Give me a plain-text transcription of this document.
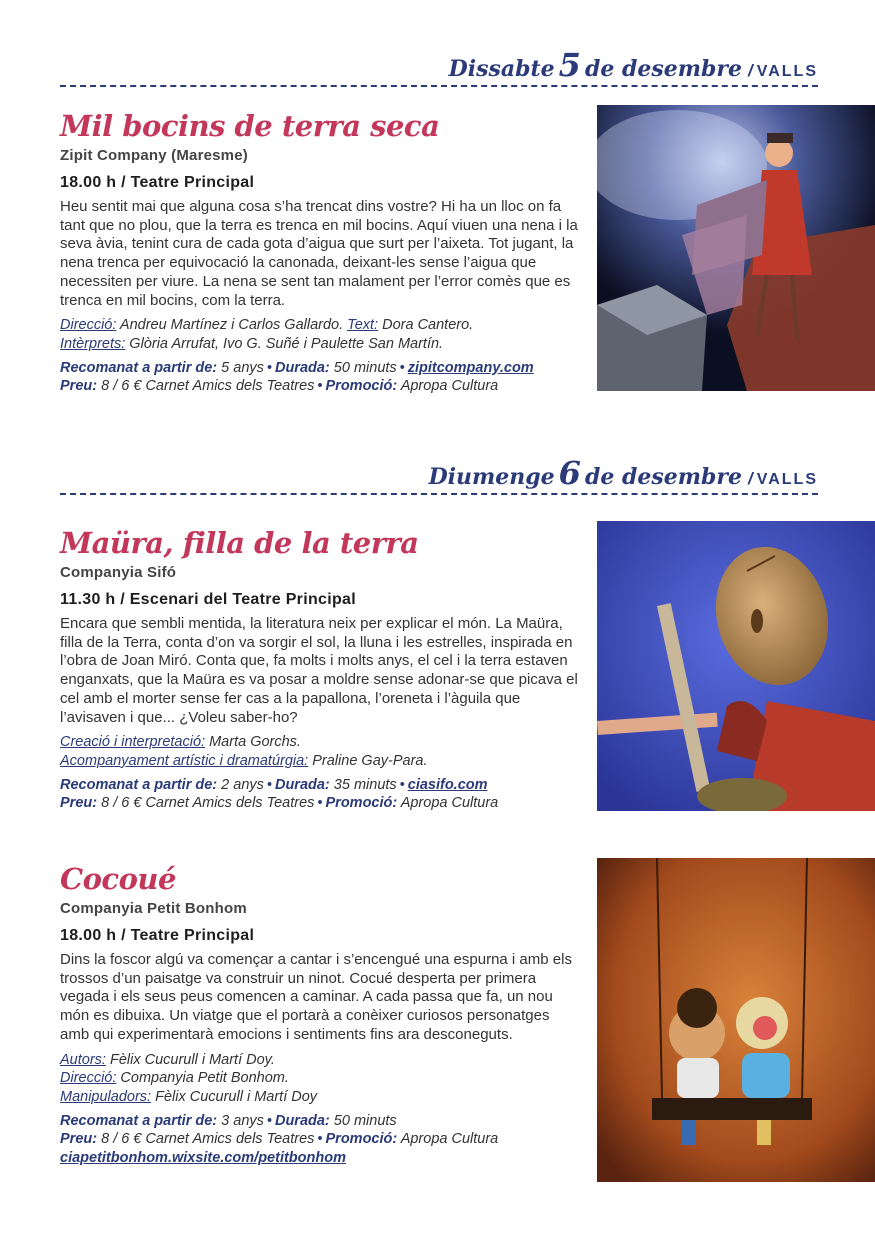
Dissabte 5 de desembre / VALLS
Mil bocins de terra seca
Zipit Company (Maresme)
18.00 h / Teatre Principal
Heu sentit mai que alguna cosa s’ha trencat dins vostre? Hi ha un lloc on fa tant que no plou, que la terra es trenca en mil bocins. Aquí viuen una nena i la seva àvia, tenint cura de cada gota d’aigua que surt per l’aixeta. Tot jugant, la nena trenca per equivocació la canonada, deixant-les sense l’aigua que necessiten per viure. La nena se sent tan malament per l’error comès que es trenca en mil bocins, com la terra.
Direcció: Andreu Martínez i Carlos Gallardo. Text: Dora Cantero.
Intèrprets: Glòria Arrufat, Ivo G. Suñé i Paulette San Martín.
Recomanat a partir de: 5 anys • Durada: 50 minuts • zipitcompany.com
Preu: 8 / 6 € Carnet Amics dels Teatres • Promoció: Apropa Cultura
Diumenge 6 de desembre / VALLS
Maüra, filla de la terra
Companyia Sifó
11.30 h / Escenari del Teatre Principal
Encara que sembli mentida, la literatura neix per explicar el món. La Maüra, filla de la Terra, conta d’on va sorgir el sol, la lluna i les estrelles, inspirada en l’obra de Joan Miró. Conta que, fa molts i molts anys, el cel i la terra estaven enganxats, que la Maüra es va posar a moldre sense adonar-se que picava el cel amb el morter sense fer cas a la papallona, l’oreneta i l’àguila que l’avisaven i que... ¿Voleu saber-ho?
Creació i interpretació: Marta Gorchs.
Acompanyament artístic i dramatúrgia: Praline Gay-Para.
Recomanat a partir de: 2 anys • Durada: 35 minuts • ciasifo.com
Preu: 8 / 6 € Carnet Amics dels Teatres • Promoció: Apropa Cultura
Cocoué
Companyia Petit Bonhom
18.00 h / Teatre Principal
Dins la foscor algú va començar a cantar i s’encengué una espurna i amb els trossos d’un paisatge va construir un ninot. Cocué desperta per primera vegada i els seus peus comencen a caminar. A cada passa que fa, un nou món es dibuixa. Un viatge que el portarà a conèixer curiosos personatges amb qui experimentarà emocions i sentiments fins ara desconeguts.
Autors: Fèlix Cucurull i Martí Doy.
Direcció: Companyia Petit Bonhom.
Manipuladors: Fèlix Cucurull i Martí Doy
Recomanat a partir de: 3 anys • Durada: 50 minuts
Preu: 8 / 6 € Carnet Amics dels Teatres • Promoció: Apropa Cultura
ciapetitbonhom.wixsite.com/petitbonhom
